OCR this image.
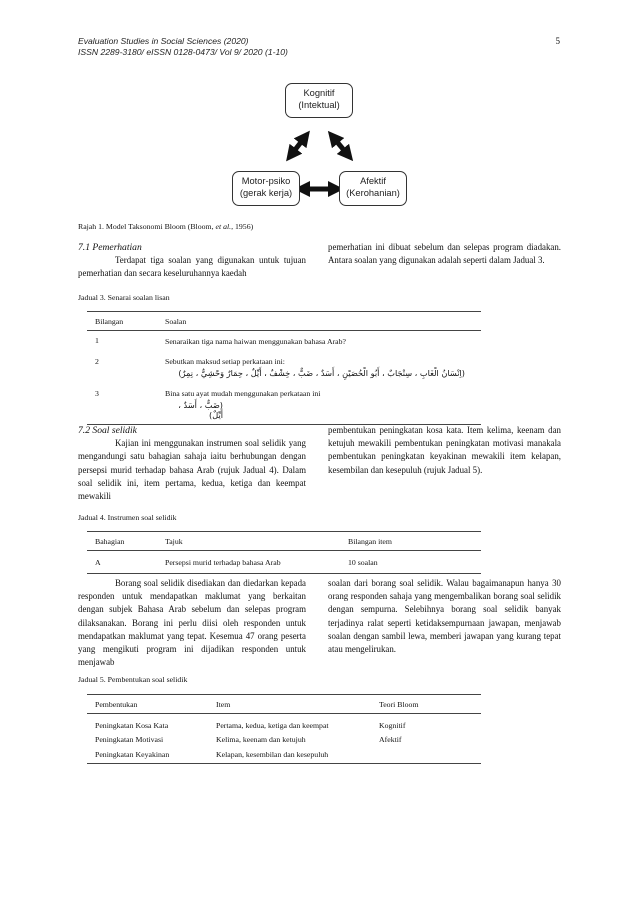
Evaluation Studies in Social Sciences (2020)
ISSN 2289-3180/ eISSN 0128-0473/ Vol 9/ 2020 (1-10)
5
Kognitif
(Intektual)
Motor-psiko
(gerak kerja)
Afektif
(Kerohanian)
Rajah 1. Model Taksonomi Bloom (Bloom, et al., 1956)
7.1 Pemerhatian
Terdapat tiga soalan yang digunakan untuk tujuan pemerhatian dan secara keseluruhannya kaedah
pemerhatian ini dibuat sebelum dan selepas program diadakan. Antara soalan yang digunakan adalah seperti dalam Jadual 3.
Jadual 3. Senarai soalan lisan
Bilangan	Soalan
1	Senaraikan tiga nama haiwan menggunakan bahasa Arab?
2	Sebutkan maksud setiap perkataan ini:
(اِنْسَانُ الْغَابِ ، سِنْجَابٌ ، أَبُو الْحُصَيْنِ ، أَسَدٌ ، ضَبٌّ ، خِشْفٌ ، أَيِّلٌ ، حِمَارٌ وَحْشِيٌّ ، نِمِرٌ)

3	Bina satu ayat mudah menggunakan perkataan ini
(ضَبٌّ ، أَسَدٌ ، أَيِّلٌ)
7.2 Soal selidik
Kajian ini menggunakan instrumen soal selidik yang mengandungi satu bahagian sahaja iaitu berhubungan dengan persepsi murid terhadap bahasa Arab (rujuk Jadual 4). Dalam soal selidik ini, item pertama, kedua, ketiga dan keempat mewakili
pembentukan peningkatan kosa kata. Item kelima, keenam dan ketujuh mewakili pembentukan peningkatan motivasi manakala pembentukan peningkatan keyakinan mewakili item kelapan, kesembilan dan kesepuluh (rujuk Jadual 5).
Jadual 4. Instrumen soal selidik
Bahagian	Tajuk	Bilangan item
A	Persepsi murid terhadap bahasa Arab	10 soalan
Borang soal selidik disediakan dan diedarkan kepada responden untuk mendapatkan maklumat yang berkaitan dengan subjek Bahasa Arab sebelum dan selepas program dilaksanakan. Borang ini perlu diisi oleh responden untuk mendapatkan maklumat yang tepat. Kesemua 47 orang peserta yang mengikuti program ini dijadikan responden untuk menjawab
soalan dari borang soal selidik. Walau bagaimanapun hanya 30 orang responden sahaja yang mengembalikan borang soal selidik dengan sempurna. Selebihnya borang soal selidik banyak terjadinya ralat seperti ketidaksempurnaan jawapan, menjawab soalan dengan sambil lewa, memberi jawapan yang kurang tepat atau mengelirukan.
Jadual 5. Pembentukan soal selidik
Pembentukan	Item	Teori Bloom
Peningkatan Kosa Kata	Pertama, kedua, ketiga dan keempat	Kognitif
Peningkatan Motivasi	Kelima, keenam dan ketujuh	Afektif
Peningkatan Keyakinan	Kelapan, kesembilan dan kesepuluh	
